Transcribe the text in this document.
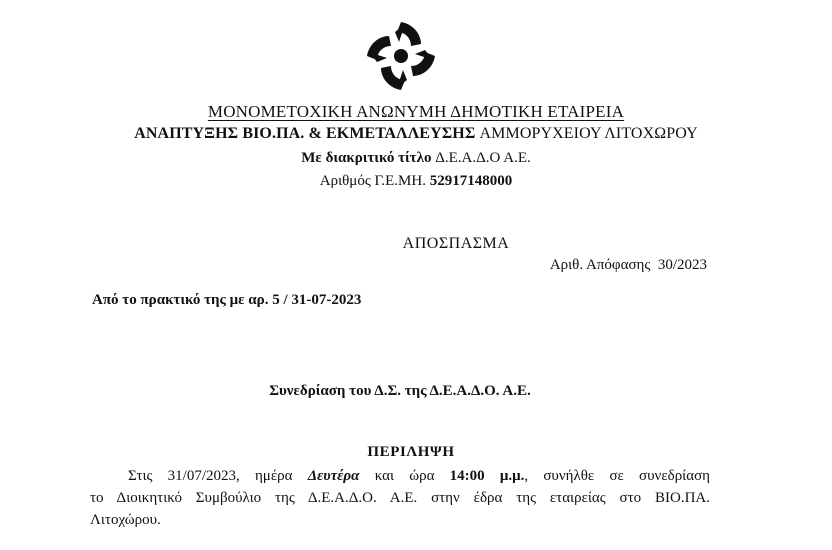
ΜΟΝΟΜΕΤΟΧΙΚΗ ΑΝΩΝΥΜΗ ΔΗΜΟΤΙΚΗ ΕΤΑΙΡΕΙΑ
ΑΝΑΠΤΥΞΗΣ ΒΙΟ.ΠΑ. & ΕΚΜΕΤΑΛΛΕΥΣΗΣ ΑΜΜΟΡΥΧΕΙΟΥ ΛΙΤΟΧΩΡΟΥ
Με διακριτικό τίτλο Δ.Ε.Α.Δ.Ο Α.Ε.
Αριθμός Γ.Ε.ΜΗ. 52917148000
ΑΠΟΣΠΑΣΜΑ
Αριθ. Απόφασης 30/2023
Από το πρακτικό της με αρ. 5 / 31-07-2023
Συνεδρίαση του Δ.Σ. της Δ.Ε.Α.Δ.Ο. Α.Ε.
ΠΕΡΙΛΗΨΗ

Στις 31/07/2023, ημέρα Δευτέρα και ώρα 14:00 μ.μ., συνήλθε σε συνεδρίαση

το Διοικητικό Συμβούλιο της Δ.Ε.Α.Δ.Ο. Α.Ε. στην έδρα της εταιρείας στο ΒΙΟ.ΠΑ.

Λιτοχώρου.
